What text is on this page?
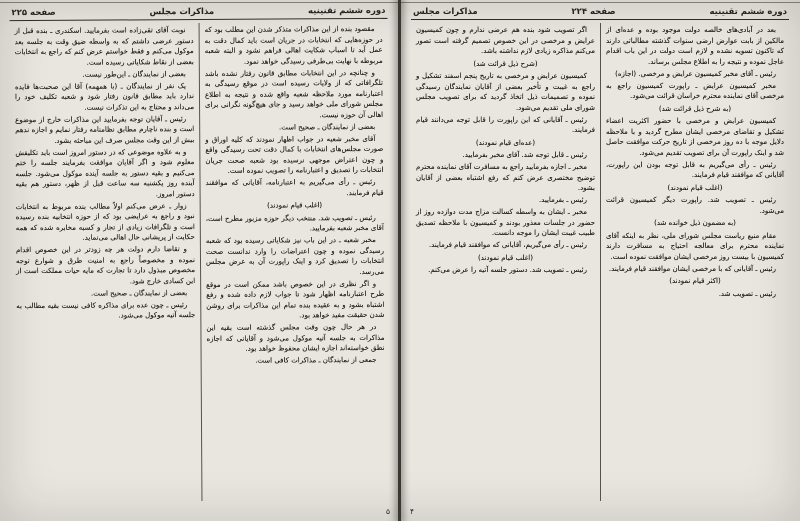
دوره ششم تقنینیه
مذاکرات مجلس
صفحه ۲۲۵

مقصود بنده از این مذاکرات متذکر شدن این مطلب بود که در حوزه‌هایی که انتخابات در جریان است باید کمال دقت به عمل آید تا اسباب شکایت اهالی فراهم نشود و البته شعبه مربوطه با نهایت بی‌طرفی رسیدگی خواهد نمود.

و چنانچه در این انتخابات مطابق قانون رفتار نشده باشد تلگرافاتی که از ولایات رسیده است در موقع رسیدگی به اعتبارنامه مورد ملاحظه شعبه واقع شده و نتیجه به اطلاع مجلس شورای ملی خواهد رسید و جای هیچ‌گونه نگرانی برای اهالی آن حوزه نیست.

بعضی از نمایندگان ـ صحیح است.

آقای مخبر شعبه در جواب اظهار نمودند که کلیه اوراق و صورت مجلس‌های انتخابات با کمال دقت تحت رسیدگی واقع و چون اعتراض موجهی نرسیده بود شعبه صحت جریان انتخابات را تصدیق و اعتبارنامه را تصویب نموده است.

رئیس ـ رأی می‌گیریم به اعتبارنامه، آقایانی که موافقند قیام فرمایند.

(اغلب قیام نمودند)

رئیس ـ تصویب شد. منتخب دیگر حوزه مزبور مطرح است، آقای مخبر شعبه بفرمایید.

مخبر شعبه ـ در این باب نیز شکایاتی رسیده بود که شعبه رسیدگی نموده و چون اعتراضات را وارد ندانست صحت انتخابات را تصدیق کرد و اینک راپورت آن به عرض مجلس می‌رسد.

و اگر نظری در این خصوص باشد ممکن است در موقع طرح اعتبارنامه اظهار شود تا جواب لازم داده شده و رفع اشتباه بشود و به عقیده بنده تمام این مذاکرات برای روشن شدن حقیقت مفید خواهد بود.

در هر حال چون وقت مجلس گذشته است بقیه این مذاکرات به جلسه آتیه موکول می‌شود و آقایانی که اجازه نطق خواسته‌اند اجازه ایشان محفوظ خواهد بود.

جمعی از نمایندگان ـ مذاکرات کافی است.

نوبت آقای تقی‌زاده است بفرمایید. اسکندری ـ بنده قبل از دستور عرضی داشتم که به واسطه ضیق وقت به جلسه بعد موکول می‌کنم و فقط خواستم عرض کنم که راجع به انتخابات بعضی از نقاط شکایاتی رسیده است.

بعضی از نمایندگان ـ این‌طور نیست.

یک نفر از نمایندگان ـ (با همهمه) آقا این صحبت‌ها فایده ندارد باید مطابق قانون رفتار شود و شعبه تکلیف خود را می‌داند و محتاج به این تذکرات نیست.

رئیس ـ آقایان توجه بفرمایید این مذاکرات خارج از موضوع است و بنده ناچارم مطابق نظامنامه رفتار نمایم و اجازه ندهم بیش از این وقت مجلس صرف این مباحثه بشود.

و به علاوه موضوعی که در دستور امروز است باید تکلیفش معلوم شود و اگر آقایان موافقت بفرمایند جلسه را ختم می‌کنیم و بقیه دستور به جلسه آینده موکول می‌شود. جلسه آینده روز یکشنبه سه ساعت قبل از ظهر، دستور هم بقیه دستور امروز.

زوار ـ عرض می‌کنم اولاً مطالب بنده مربوط به انتخابات نبود و راجع به عرایضی بود که از حوزه انتخابیه بنده رسیده است و تلگرافات زیادی از تجار و کسبه مخابره شده که همه حکایت از پریشانی حال اهالی می‌نماید.

و تقاضا دارم دولت هر چه زودتر در این خصوص اقدام نموده و مخصوصاً راجع به امنیت طرق و شوارع توجه مخصوص مبذول دارد تا تجارت که مایه حیات مملکت است از این کسادی خارج شود.

بعضی از نمایندگان ـ صحیح است.

رئیس ـ چون عده برای مذاکره کافی نیست بقیه مطالب به جلسه آتیه موکول می‌شود.

۵
دوره ششم تقنینیه
صفحه ۲۲۴
مذاکرات مجلس

بعد در آبادی‌های خالصه دولت موجود بوده و عده‌ای از مالکین از بابت عوارض ارضی سنوات گذشته مطالباتی دارند که تاکنون تسویه نشده و لازم است دولت در این باب اقدام عاجل نموده و نتیجه را به اطلاع مجلس برساند.

رئیس ـ آقای مخبر کمیسیون عرایض و مرخصی. (اجازه)

مخبر کمیسیون عرایض ـ راپورت کمیسیون راجع به مرخصی آقای نماینده محترم خراسان قرائت می‌شود.

(به شرح ذیل قرائت شد)

کمیسیون عرایض و مرخصی با حضور اکثریت اعضاء تشکیل و تقاضای مرخصی ایشان مطرح گردید و با ملاحظه دلایل موجه با ده روز مرخصی از تاریخ حرکت موافقت حاصل شد و اینک راپورت آن برای تصویب تقدیم می‌شود.

رئیس ـ رأی می‌گیریم به قابل توجه بودن این راپورت، آقایانی که موافقند قیام فرمایند.

(اغلب قیام نمودند)

رئیس ـ تصویب شد. راپورت دیگر کمیسیون قرائت می‌شود.

(به مضمون ذیل خوانده شد)

مقام منیع ریاست مجلس شورای ملی، نظر به اینکه آقای نماینده محترم برای معالجه احتیاج به مسافرت دارند کمیسیون با بیست روز مرخصی ایشان موافقت نموده است.

رئیس ـ آقایانی که با مرخصی ایشان موافقند قیام فرمایند.

(اکثر قیام نمودند)

رئیس ـ تصویب شد.

اگر تصویب شود بنده هم عرضی ندارم و چون کمیسیون عرایض و مرخصی در این خصوص تصمیم گرفته است تصور می‌کنم مذاکره زیادی لازم نداشته باشد.

(شرح ذیل قرائت شد)

کمیسیون عرایض و مرخصی به تاریخ پنجم اسفند تشکیل و راجع به غیبت و تأخیر بعضی از آقایان نمایندگان رسیدگی نموده و تصمیمات ذیل اتخاذ گردید که برای تصویب مجلس شورای ملی تقدیم می‌شود.

رئیس ـ آقایانی که این راپورت را قابل توجه می‌دانند قیام فرمایند.

(عده‌ای قیام نمودند)

رئیس ـ قابل توجه شد. آقای مخبر بفرمایید.

مخبر ـ اجازه بفرمایید راجع به مسافرت آقای نماینده محترم توضیح مختصری عرض کنم که رفع اشتباه بعضی از آقایان بشود.

رئیس ـ بفرمایید.

مخبر ـ ایشان به واسطه کسالت مزاج مدت دوازده روز از حضور در جلسات معذور بودند و کمیسیون با ملاحظه تصدیق طبیب غیبت ایشان را موجه دانست.

رئیس ـ رأی می‌گیریم، آقایانی که موافقند قیام فرمایند.

(اغلب قیام نمودند)

رئیس ـ تصویب شد. دستور جلسه آتیه را عرض می‌کنم.

۴
